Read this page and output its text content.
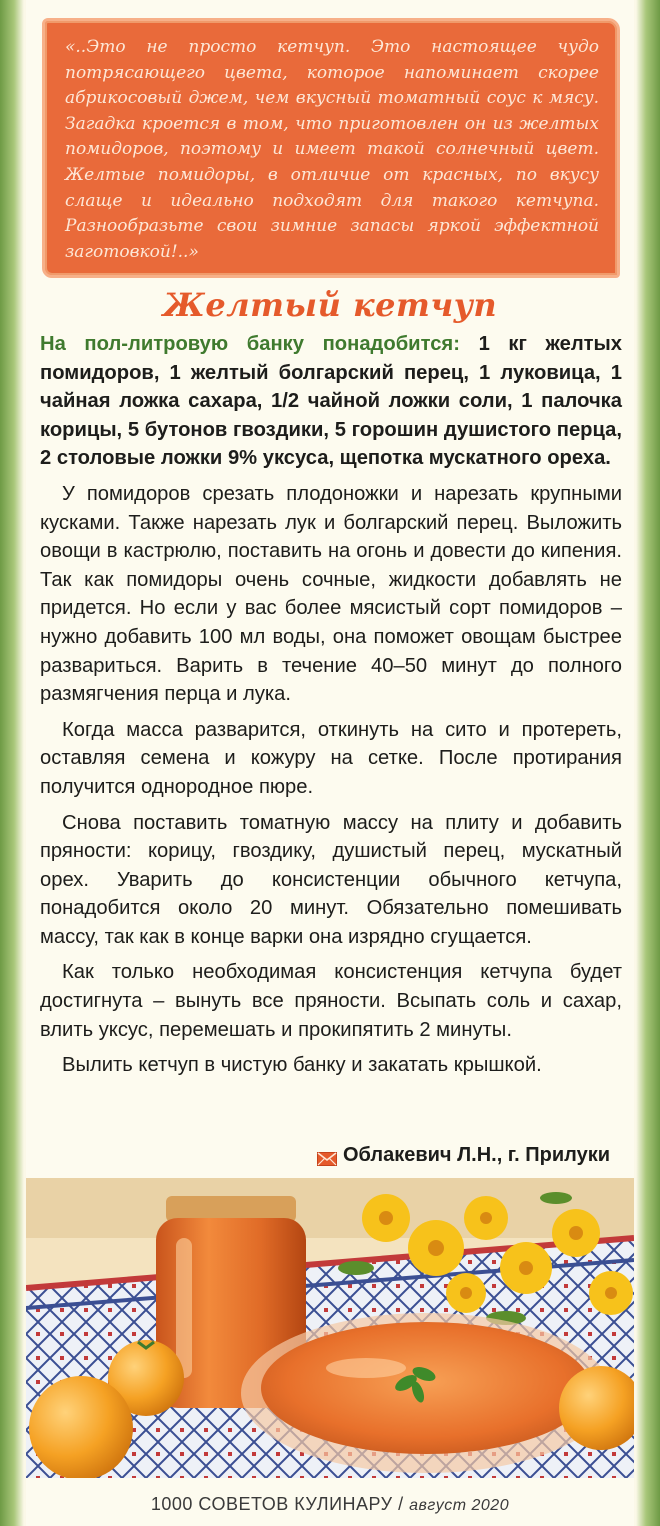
«..Это не просто кетчуп. Это настоящее чудо потрясающего цвета, которое напоминает скорее абрикосовый джем, чем вкусный томатный соус к мясу. Загадка кроется в том, что приготовлен он из желтых помидоров, поэтому и имеет такой солнечный цвет. Желтые помидоры, в отличие от красных, по вкусу слаще и идеально подходят для такого кетчупа. Разнообразьте свои зимние запасы яркой эффектной заготовкой!..»
Желтый кетчуп

На пол-литровую банку понадобится: 1 кг желтых помидоров, 1 желтый болгарский перец, 1 луковица, 1 чайная ложка сахара, 1/2 чайной ложки соли, 1 палочка корицы, 5 бутонов гвоздики, 5 горошин душистого перца, 2 столовые ложки 9% уксуса, щепотка мускатного ореха.

У помидоров срезать плодоножки и нарезать крупными кусками. Также нарезать лук и болгарский перец. Выложить овощи в кастрюлю, поставить на огонь и довести до кипения. Так как помидоры очень сочные, жидкости добавлять не придется. Но если у вас более мясистый сорт помидоров – нужно добавить 100 мл воды, она поможет овощам быстрее развариться. Варить в течение 40–50 минут до полного размягчения перца и лука.

Когда масса разварится, откинуть на сито и протереть, оставляя семена и кожуру на сетке. После протирания получится однородное пюре.

Снова поставить томатную массу на плиту и добавить пряности: корицу, гвоздику, душистый перец, мускатный орех. Уварить до консистенции обычного кетчупа, понадобится около 20 минут. Обязательно помешивать массу, так как в конце варки она изрядно сгущается.

Как только необходимая консистенция кетчупа будет достигнута – вынуть все пряности. Всыпать соль и сахар, влить уксус, перемешать и прокипятить 2 минуты.

Вылить кетчуп в чистую банку и закатать крышкой.

Облакевич Л.Н., г. Прилуки
1000 СОВЕТОВ КУЛИНАРУ / август 2020
